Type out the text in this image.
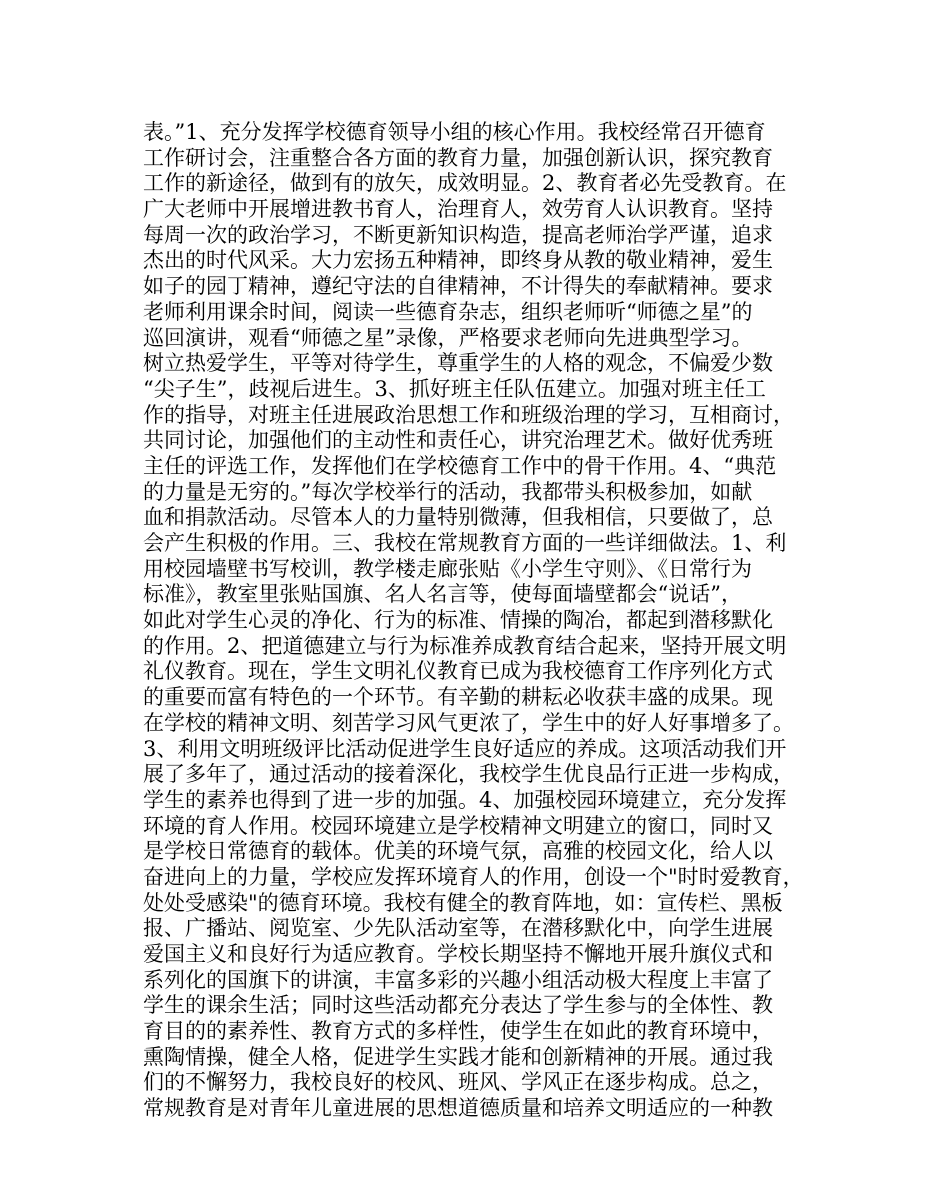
表。”1、充分发挥学校德育领导小组的核心作用。我校经常召开德育
工作研讨会，注重整合各方面的教育力量，加强创新认识，探究教育
工作的新途径，做到有的放矢，成效明显。2、教育者必先受教育。在
广大老师中开展增进教书育人，治理育人，效劳育人认识教育。坚持
每周一次的政治学习，不断更新知识构造，提高老师治学严谨，追求
杰出的时代风采。大力宏扬五种精神，即终身从教的敬业精神，爱生
如子的园丁精神，遵纪守法的自律精神，不计得失的奉献精神。要求
老师利用课余时间，阅读一些德育杂志，组织老师听“师德之星”的
巡回演讲，观看“师德之星”录像，严格要求老师向先进典型学习。
树立热爱学生，平等对待学生，尊重学生的人格的观念，不偏爱少数
“尖子生”，歧视后进生。3、抓好班主任队伍建立。加强对班主任工
作的指导，对班主任进展政治思想工作和班级治理的学习，互相商讨，
共同讨论，加强他们的主动性和责任心，讲究治理艺术。做好优秀班
主任的评选工作，发挥他们在学校德育工作中的骨干作用。4、“典范
的力量是无穷的。”每次学校举行的活动，我都带头积极参加，如献
血和捐款活动。尽管本人的力量特别微薄，但我相信，只要做了，总
会产生积极的作用。三、我校在常规教育方面的一些详细做法。1、利
用校园墙壁书写校训，教学楼走廊张贴《小学生守则》、《日常行为
标准》，教室里张贴国旗、名人名言等，使每面墙壁都会“说话”，
如此对学生心灵的净化、行为的标准、情操的陶冶，都起到潜移默化
的作用。2、把道德建立与行为标准养成教育结合起来，坚持开展文明
礼仪教育。现在，学生文明礼仪教育已成为我校德育工作序列化方式
的重要而富有特色的一个环节。有辛勤的耕耘必收获丰盛的成果。现
在学校的精神文明、刻苦学习风气更浓了，学生中的好人好事增多了。
3、利用文明班级评比活动促进学生良好适应的养成。这项活动我们开
展了多年了，通过活动的接着深化，我校学生优良品行正进一步构成，
学生的素养也得到了进一步的加强。4、加强校园环境建立，充分发挥
环境的育人作用。校园环境建立是学校精神文明建立的窗口，同时又
是学校日常德育的载体。优美的环境气氛，高雅的校园文化，给人以
奋进向上的力量，学校应发挥环境育人的作用，创设一个"时时爱教育，
处处受感染"的德育环境。我校有健全的教育阵地，如：宣传栏、黑板
报、广播站、阅览室、少先队活动室等，在潜移默化中，向学生进展
爱国主义和良好行为适应教育。学校长期坚持不懈地开展升旗仪式和
系列化的国旗下的讲演，丰富多彩的兴趣小组活动极大程度上丰富了
学生的课余生活；同时这些活动都充分表达了学生参与的全体性、教
育目的的素养性、教育方式的多样性，使学生在如此的教育环境中，
熏陶情操，健全人格，促进学生实践才能和创新精神的开展。通过我
们的不懈努力，我校良好的校风、班风、学风正在逐步构成。总之，
常规教育是对青年儿童进展的思想道德质量和培养文明适应的一种教
